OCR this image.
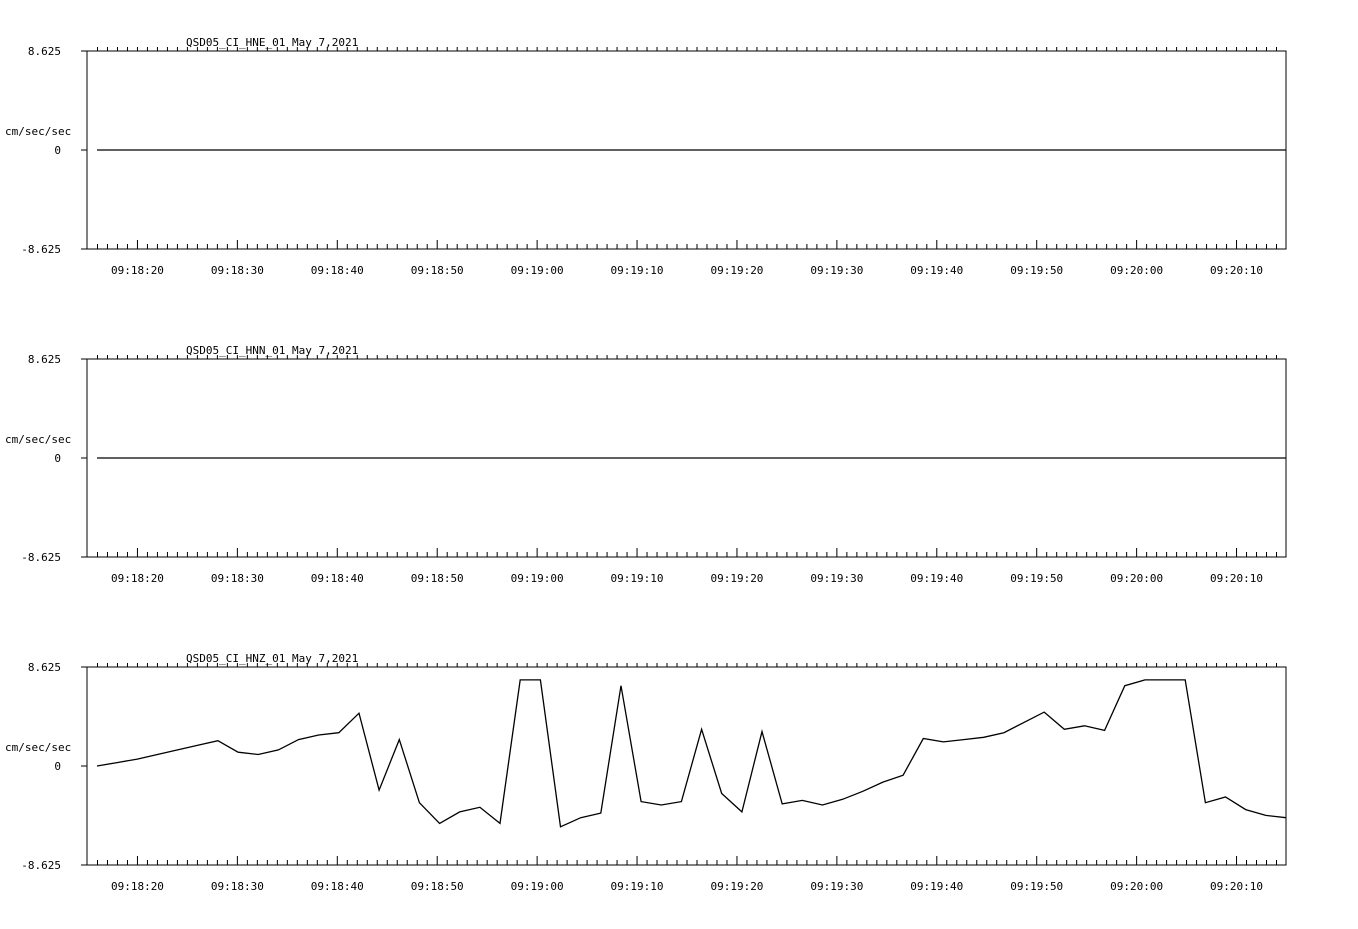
QSD05_CI_HNE_01 May 7,2021
8.625
0
-8.625
cm/sec/sec
09:18:20	09:18:30	09:18:40	09:18:50	09:19:00	09:19:10	09:19:20	09:19:30	09:19:40	09:19:50	09:20:00	09:20:10
QSD05_CI_HNN_01 May 7,2021
8.625
0
-8.625
cm/sec/sec
09:18:20	09:18:30	09:18:40	09:18:50	09:19:00	09:19:10	09:19:20	09:19:30	09:19:40	09:19:50	09:20:00	09:20:10
QSD05_CI_HNZ_01 May 7,2021
8.625
0
-8.625
cm/sec/sec
09:18:20	09:18:30	09:18:40	09:18:50	09:19:00	09:19:10	09:19:20	09:19:30	09:19:40	09:19:50	09:20:00	09:20:10
